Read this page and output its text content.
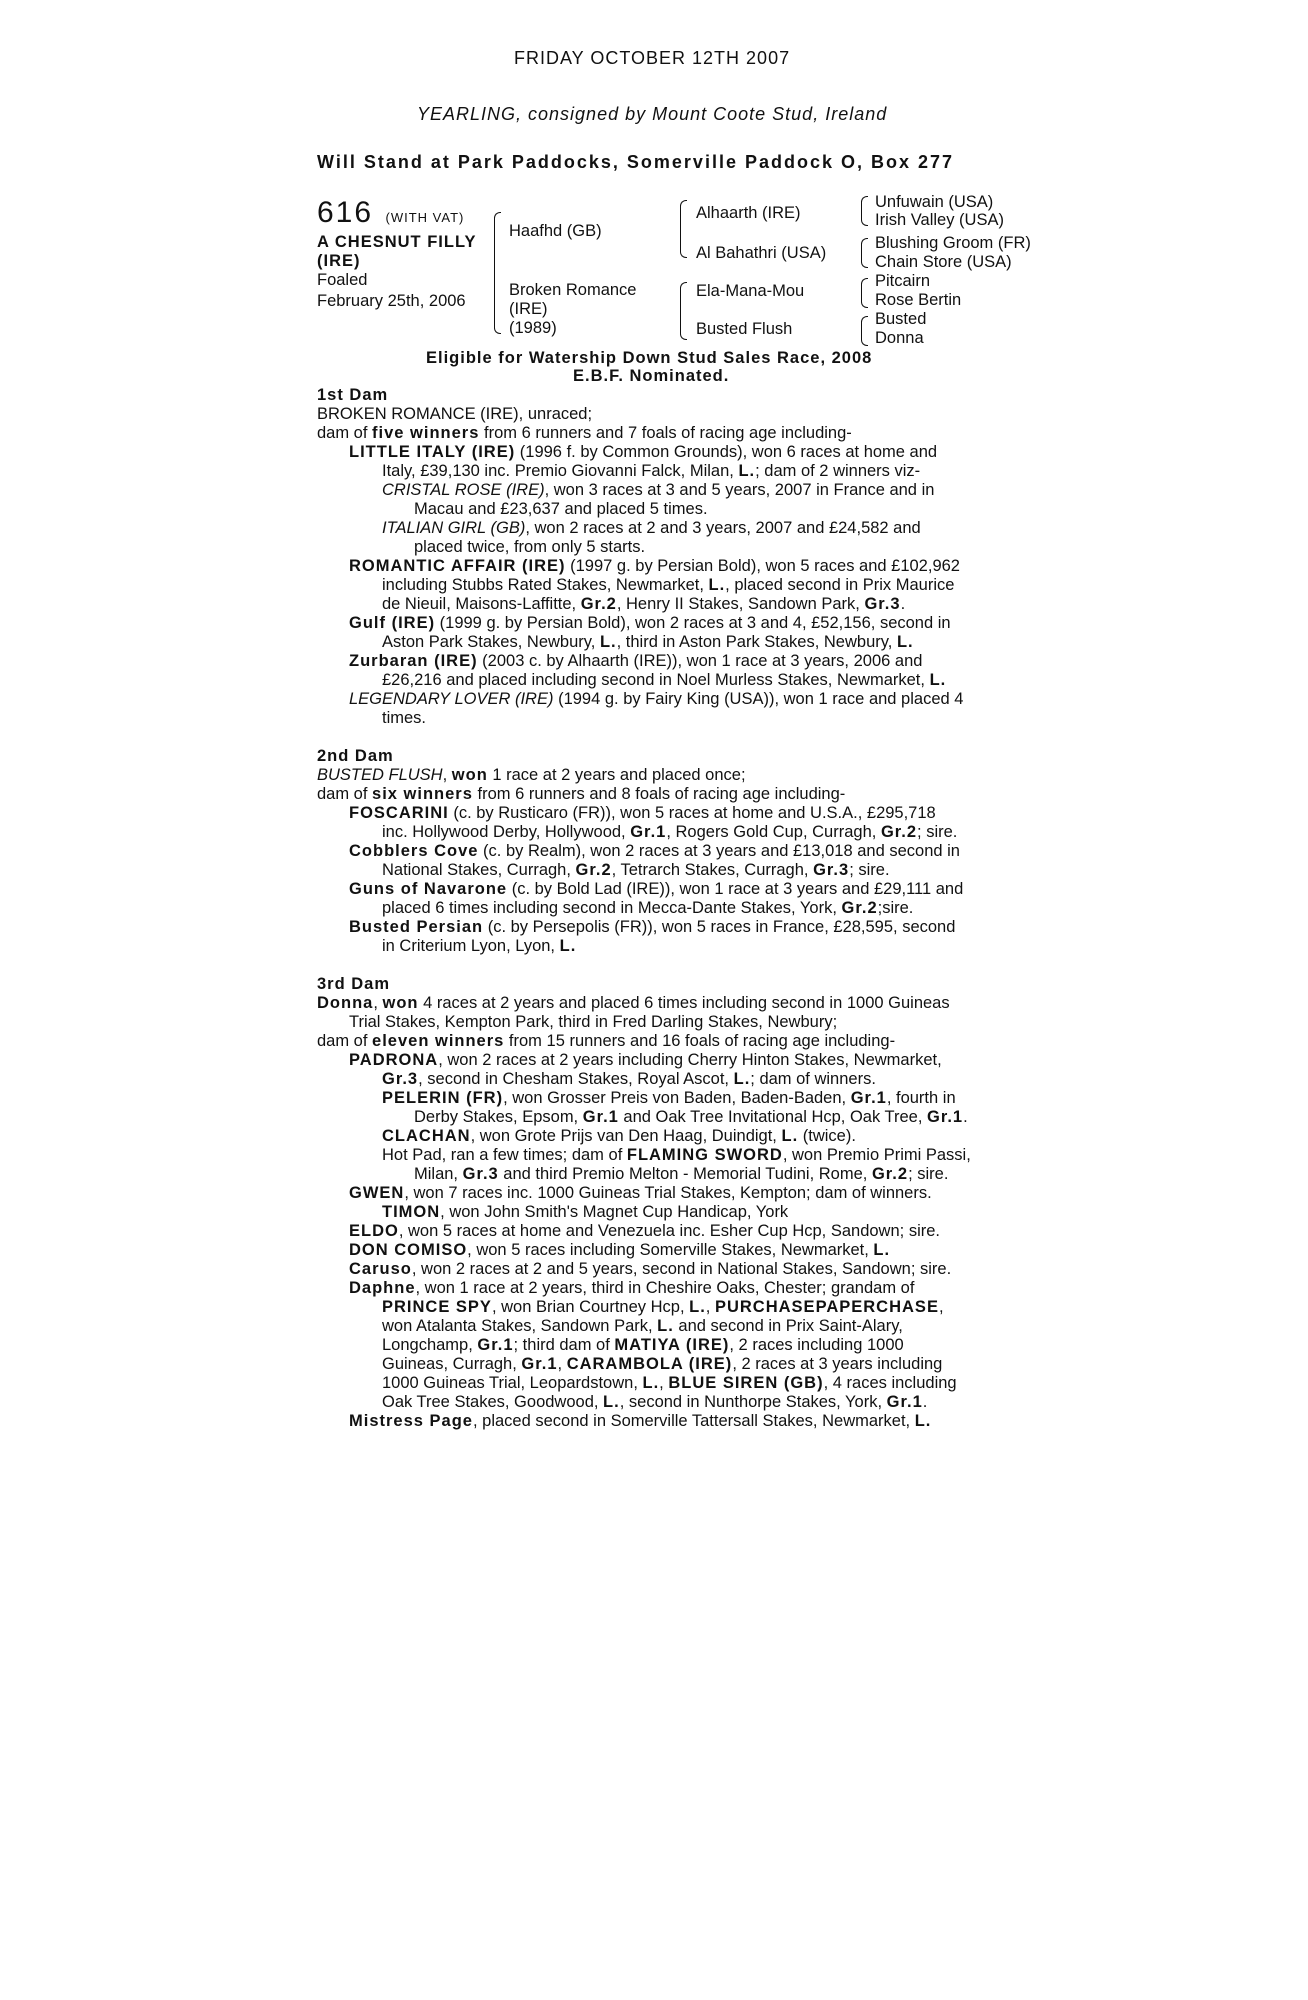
FRIDAY OCTOBER 12TH 2007
YEARLING, consigned by Mount Coote Stud, Ireland
Will Stand at Park Paddocks, Somerville Paddock O, Box 277
616 (WITH VAT)
A CHESNUT FILLY
(IRE)
Foaled
February 25th, 2006
Haafhd (GB)
Broken Romance
(IRE)
(1989)
Alhaarth (IRE)
Al Bahathri (USA)
Ela-Mana-Mou
Busted Flush
Unfuwain (USA)
Irish Valley (USA)
Blushing Groom (FR)
Chain Store (USA)
Pitcairn
Rose Bertin
Busted
Donna
Eligible for Watership Down Stud Sales Race, 2008
E.B.F. Nominated.
1st Dam
BROKEN ROMANCE (IRE), unraced;
dam of five winners from 6 runners and 7 foals of racing age including-
LITTLE ITALY (IRE) (1996 f. by Common Grounds), won 6 races at home and
Italy, £39,130 inc. Premio Giovanni Falck, Milan, L.; dam of 2 winners viz-
CRISTAL ROSE (IRE), won 3 races at 3 and 5 years, 2007 in France and in
Macau and £23,637 and placed 5 times.
ITALIAN GIRL (GB), won 2 races at 2 and 3 years, 2007 and £24,582 and
placed twice, from only 5 starts.
ROMANTIC AFFAIR (IRE) (1997 g. by Persian Bold), won 5 races and £102,962
including Stubbs Rated Stakes, Newmarket, L., placed second in Prix Maurice
de Nieuil, Maisons-Laffitte, Gr.2, Henry II Stakes, Sandown Park, Gr.3.
Gulf (IRE) (1999 g. by Persian Bold), won 2 races at 3 and 4, £52,156, second in
Aston Park Stakes, Newbury, L., third in Aston Park Stakes, Newbury, L.
Zurbaran (IRE) (2003 c. by Alhaarth (IRE)), won 1 race at 3 years, 2006 and
£26,216 and placed including second in Noel Murless Stakes, Newmarket, L.
LEGENDARY LOVER (IRE) (1994 g. by Fairy King (USA)), won 1 race and placed 4
times.
2nd Dam
BUSTED FLUSH, won 1 race at 2 years and placed once;
dam of six winners from 6 runners and 8 foals of racing age including-
FOSCARINI (c. by Rusticaro (FR)), won 5 races at home and U.S.A., £295,718
inc. Hollywood Derby, Hollywood, Gr.1, Rogers Gold Cup, Curragh, Gr.2; sire.
Cobblers Cove (c. by Realm), won 2 races at 3 years and £13,018 and second in
National Stakes, Curragh, Gr.2, Tetrarch Stakes, Curragh, Gr.3; sire.
Guns of Navarone (c. by Bold Lad (IRE)), won 1 race at 3 years and £29,111 and
placed 6 times including second in Mecca-Dante Stakes, York, Gr.2;sire.
Busted Persian (c. by Persepolis (FR)), won 5 races in France, £28,595, second
in Criterium Lyon, Lyon, L.
3rd Dam
Donna, won 4 races at 2 years and placed 6 times including second in 1000 Guineas
Trial Stakes, Kempton Park, third in Fred Darling Stakes, Newbury;
dam of eleven winners from 15 runners and 16 foals of racing age including-
PADRONA, won 2 races at 2 years including Cherry Hinton Stakes, Newmarket,
Gr.3, second in Chesham Stakes, Royal Ascot, L.; dam of winners.
PELERIN (FR), won Grosser Preis von Baden, Baden-Baden, Gr.1, fourth in
Derby Stakes, Epsom, Gr.1 and Oak Tree Invitational Hcp, Oak Tree, Gr.1.
CLACHAN, won Grote Prijs van Den Haag, Duindigt, L. (twice).
Hot Pad, ran a few times; dam of FLAMING SWORD, won Premio Primi Passi,
Milan, Gr.3 and third Premio Melton - Memorial Tudini, Rome, Gr.2; sire.
GWEN, won 7 races inc. 1000 Guineas Trial Stakes, Kempton; dam of winners.
TIMON, won John Smith's Magnet Cup Handicap, York
ELDO, won 5 races at home and Venezuela inc. Esher Cup Hcp, Sandown; sire.
DON COMISO, won 5 races including Somerville Stakes, Newmarket, L.
Caruso, won 2 races at 2 and 5 years, second in National Stakes, Sandown; sire.
Daphne, won 1 race at 2 years, third in Cheshire Oaks, Chester; grandam of
PRINCE SPY, won Brian Courtney Hcp, L., PURCHASEPAPERCHASE,
won Atalanta Stakes, Sandown Park, L. and second in Prix Saint-Alary,
Longchamp, Gr.1; third dam of MATIYA (IRE), 2 races including 1000
Guineas, Curragh, Gr.1, CARAMBOLA (IRE), 2 races at 3 years including
1000 Guineas Trial, Leopardstown, L., BLUE SIREN (GB), 4 races including
Oak Tree Stakes, Goodwood, L., second in Nunthorpe Stakes, York, Gr.1.
Mistress Page, placed second in Somerville Tattersall Stakes, Newmarket, L.
